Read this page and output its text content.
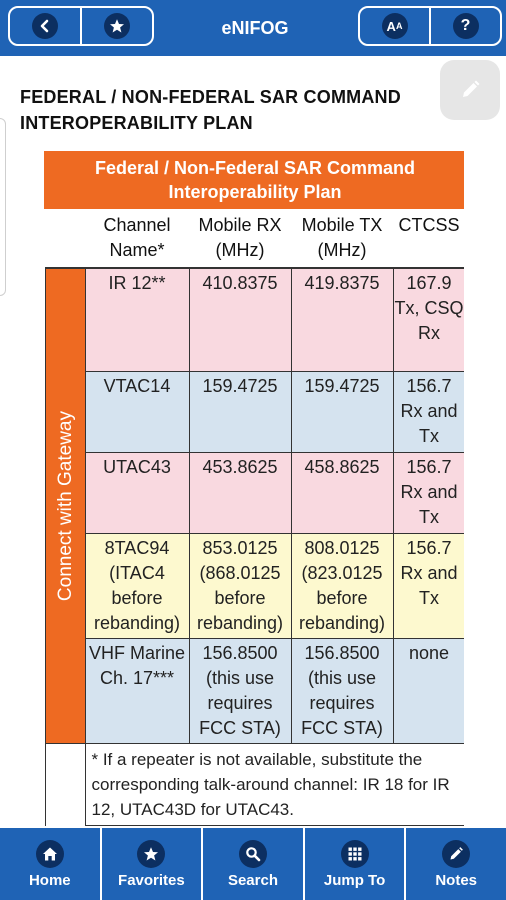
eNIFOG	A A	?
FEDERAL / NON-FEDERAL SAR COMMAND INTEROPERABILITY PLAN
Federal / Non-Federal SAR Command Interoperability Plan				
	Channel Name*	Mobile RX (MHz)	Mobile TX (MHz)	CTCSS

Connect with Gateway	IR 12**	410.8375	419.8375	167.9 Tx, CSQ Rx
	VTAC14	159.4725	159.4725	156.7 Rx and Tx
	UTAC43	453.8625	458.8625	156.7 Rx and Tx
	8TAC94 (ITAC4 before rebanding)	853.0125 (868.0125 before rebanding)	808.0125 (823.0125 before rebanding)	156.7 Rx and Tx
	VHF Marine Ch. 17***	156.8500 (this use requires FCC STA)	156.8500 (this use requires FCC STA)	none
	* If a repeater is not available, substitute the corresponding talk-around channel: IR 18 for IR 12, UTAC43D for UTAC43.			
Home	Favorites	Search	Jump To	Notes
